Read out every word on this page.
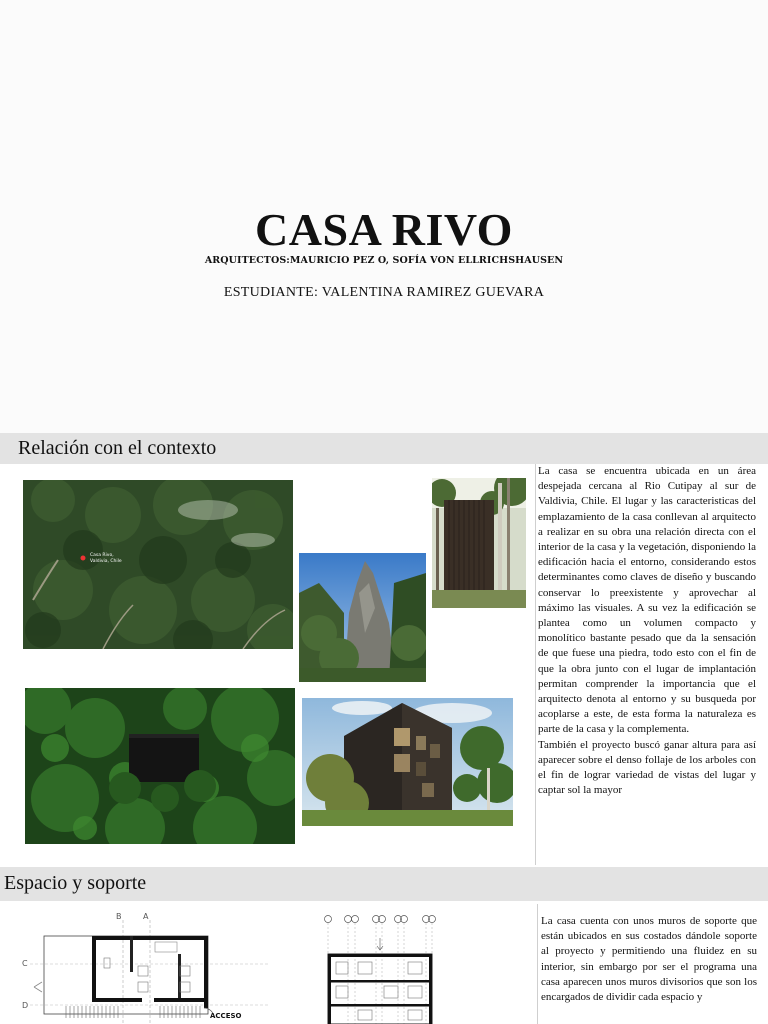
CASA RIVO
ARQUITECTOS:MAURICIO PEZ O, SOFÍA VON ELLRICHSHAUSEN
ESTUDIANTE: VALENTINA RAMIREZ GUEVARA
Relación con el contexto
Casa Rivo,
Valdivia, Chile

La casa se encuentra ubicada en un área despejada cercana al Rio Cutipay al sur de Valdivia, Chile. El lugar y las caracteristicas del emplazamiento de la casa conllevan al arquitecto a realizar en su obra una relación directa con el interior de la casa y la vegetación, disponiendo la edificación hacia el entorno, considerando estos determinantes como claves de diseño y buscando conservar lo preexistente y aprovechar al máximo las visuales. A su vez la edificación se plantea como un volumen compacto y monolítico bastante pesado que da la sensación de que fuese una piedra, todo esto con el fin de que la obra junto con el lugar de implantación permitan comprender la importancia que el arquitecto denota al entorno y su busqueda por acoplarse a este, de esta forma la naturaleza es parte de la casa y la complementa.

También el proyecto buscó ganar altura para así aparecer sobre el denso follaje de los arboles con el fin de lograr variedad de vistas del lugar y captar sol la mayor

Espacio y soporte
B	A
C
D
ACCESO

La casa cuenta con unos muros de soporte que están ubicados en sus costados dándole soporte al proyecto y permitiendo una fluidez en su interior, sin embargo por ser el programa una casa aparecen unos muros divisorios que son los encargados de dividir cada espacio y
